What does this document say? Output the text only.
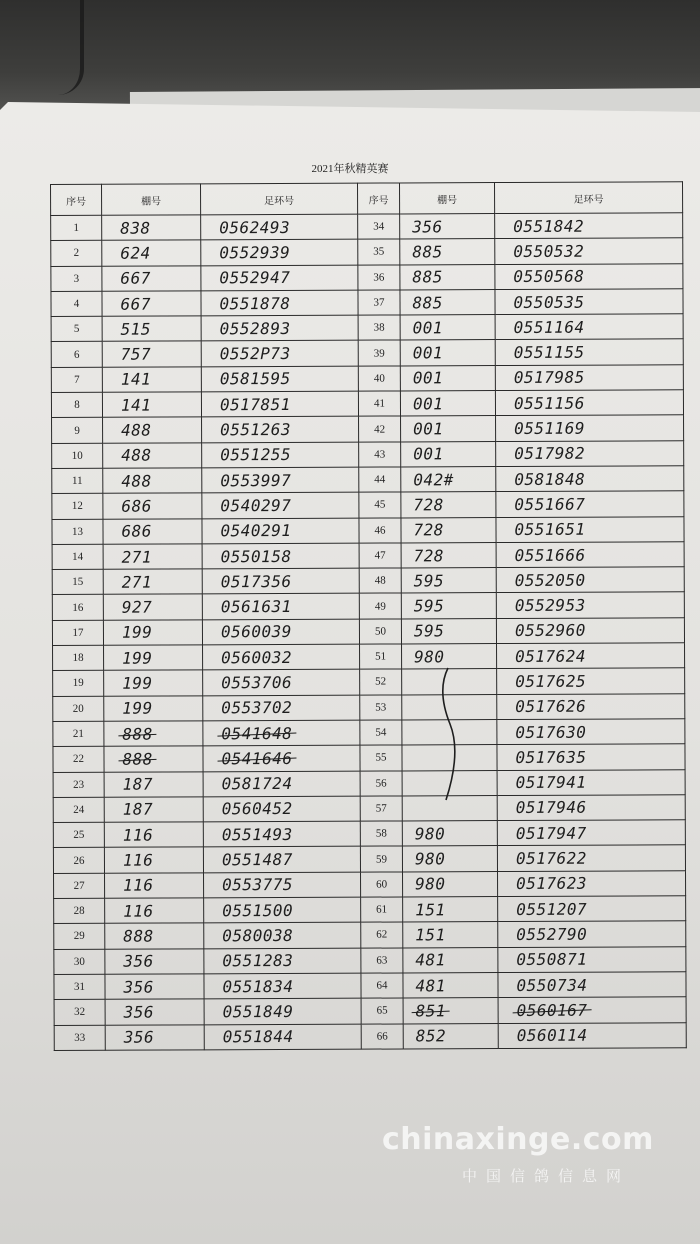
2021年秋精英赛
序号	棚号	足环号	序号	棚号	足环号
1	838	0562493	34	356	0551842
2	624	0552939	35	885	0550532
3	667	0552947	36	885	0550568
4	667	0551878	37	885	0550535
5	515	0552893	38	001	0551164
6	757	0552P73	39	001	0551155
7	141	0581595	40	001	0517985
8	141	0517851	41	001	0551156
9	488	0551263	42	001	0551169
10	488	0551255	43	001	0517982
11	488	0553997	44	042#	0581848
12	686	0540297	45	728	0551667
13	686	0540291	46	728	0551651
14	271	0550158	47	728	0551666
15	271	0517356	48	595	0552050
16	927	0561631	49	595	0552953
17	199	0560039	50	595	0552960
18	199	0560032	51	980	0517624
19	199	0553706	52		0517625
20	199	0553702	53		0517626
21	888	0541648	54		0517630
22	888	0541646	55		0517635
23	187	0581724	56		0517941
24	187	0560452	57		0517946
25	116	0551493	58	980	0517947
26	116	0551487	59	980	0517622
27	116	0553775	60	980	0517623
28	116	0551500	61	151	0551207
29	888	0580038	62	151	0552790
30	356	0551283	63	481	0550871
31	356	0551834	64	481	0550734
32	356	0551849	65	851	0560167
33	356	0551844	66	852	0560114
chinaxinge.com
中国信鸽信息网
